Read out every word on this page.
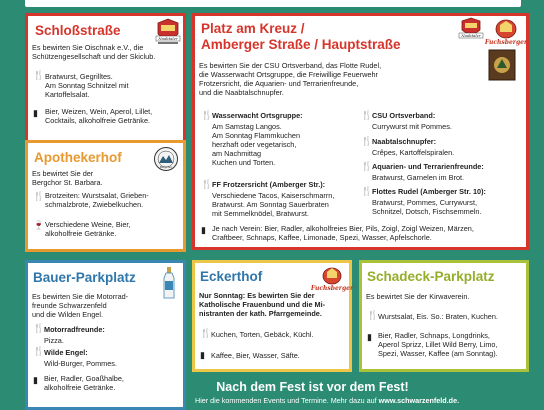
Schloßstraße
Naabtaler
Es bewirten Sie Oischnak e.V., die
Schützengesellschaft und der Skiclub.
🍴 Bratwurst, Gegrilltes.
Am Sonntag Schnitzel mit
Kartoffelsalat.
▮ Bier, Weizen, Wein, Aperol, Lillet,
Cocktails, alkoholfreie Getränke.
Apothekerhof
Bergchor
Es bewirtet Sie der
Bergchor St. Barbara.
🍴 Brotzeiten: Wurstsalat, Grieben-
schmalzbrote, Zwiebelkuchen.
🍷 Verschiedene Weine, Bier,
alkoholfreie Getränke.
Platz am Kreuz /
Amberger Straße / Hauptstraße
Naabtaler
Fuchsberger
Es bewirten Sie der CSU Ortsverband, das Flotte Rudel,
die Wasserwacht Ortsgruppe, die Freiwillige Feuerwehr
Frotzersricht, die Aquarien- und Terrarienfreunde,
und die Naabtalschnupfer.
🍴 Wasserwacht Ortsgruppe:
Am Samstag Langos.
Am Sonntag Flammkuchen
herzhaft oder vegetarisch,
am Nachmittag
Kuchen und Torten.
🍴 FF Frotzersricht (Amberger Str.):
Verschiedene Tacos, Kaiserschmarrn,
Bratwurst. Am Sonntag Sauerbraten
mit Semmelknödel, Bratwurst.
🍴 CSU Ortsverband:
Currywurst mit Pommes.
🍴 Naabtalschnupfer:
Crêpes, Kartoffelspiralen.
🍴 Aquarien- und Terrarienfreunde:
Bratwurst, Garnelen im Brot.
🍴 Flottes Rudel (Amberger Str. 10):
Bratwurst, Pommes, Currywurst,
Schnitzel, Dotsch, Fischsemmeln.
▮ Je nach Verein: Bier, Radler, alkoholfreies Bier, Pils, Zoigl, Zoigl Weizen, Märzen,
Craftbeer, Schnaps, Kaffee, Limonade, Spezi, Wasser, Apfelschorle.
Bauer-Parkplatz
Es bewirten Sie die Motorrad-
freunde Schwarzenfeld
und die Wilden Engel.
🍴 Motorradfreunde:
Pizza.
🍴 Wilde Engel:
Wild-Burger, Pommes.
▮ Bier, Radler, Goaßhalbe,
alkoholfreie Getränke.
Eckerthof
Fuchsberger
Nur Sonntag: Es bewirten Sie der
Katholische Frauenbund und die Mi-
nistranten der kath. Pfarrgemeinde.
🍴 Kuchen, Torten, Gebäck, Küchl.
▮ Kaffee, Bier, Wasser, Säfte.
Schadeck-Parkplatz
Es bewirtet Sie der Kirwaverein.
🍴 Wurstsalat, Eis. So.: Braten, Kuchen.
▮ Bier, Radler, Schnaps, Longdrinks,
Aperol Sprizz, Lillet Wild Berry, Limo,
Spezi, Wasser, Kaffee (am Sonntag).
Nach dem Fest ist vor dem Fest!
Hier die kommenden Events und Termine. Mehr dazu auf www.schwarzenfeld.de.
